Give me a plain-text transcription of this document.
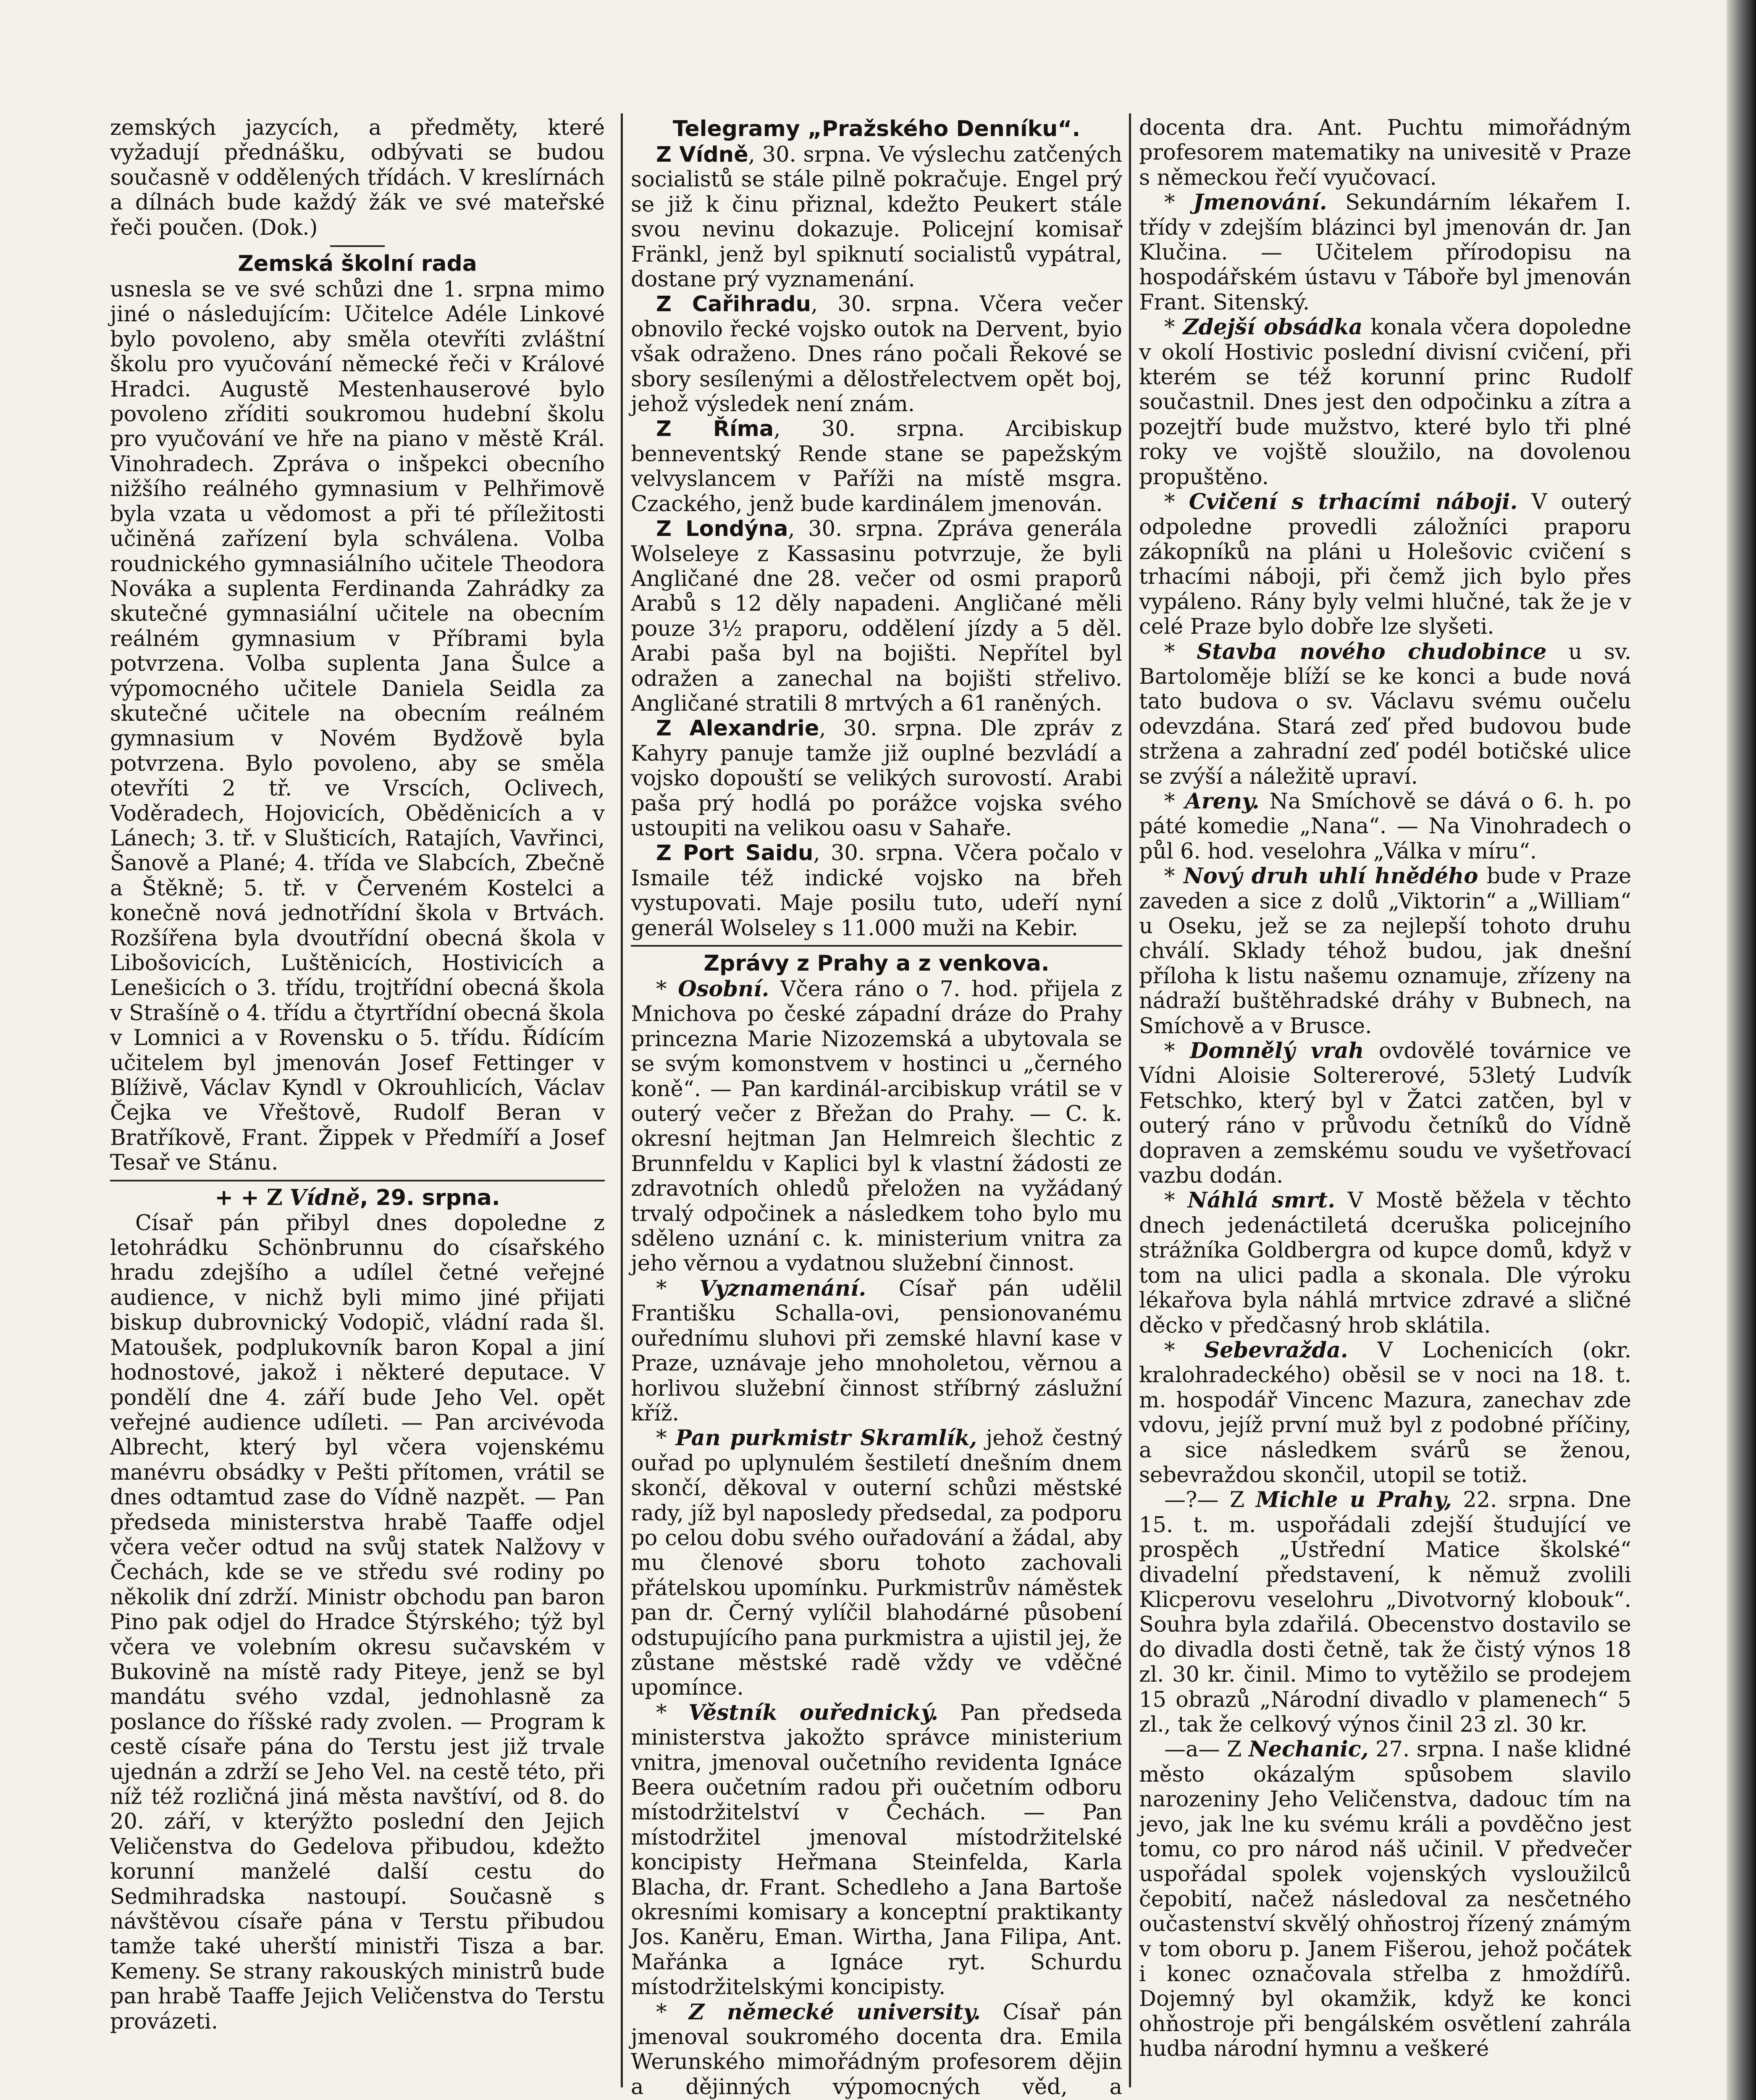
zemských jazycích, a předměty, které vyžadují přednášku, odbývati se budou současně v oddělených třídách. V kreslírnách a dílnách bude každý žák ve své mateřské řeči poučen. (Dok.)

Zemská školní rada

usnesla se ve své schůzi dne 1. srpna mimo jiné o následujícím: Učitelce Adéle Linkové bylo povoleno, aby směla otevříti zvláštní školu pro vyučování německé řeči v Králové Hradci. Augustě Mestenhauserové bylo povoleno zříditi soukromou hudební školu pro vyučování ve hře na piano v městě Král. Vinohradech. Zpráva o inšpekci obecního nižšího reálného gymnasium v Pelhřimově byla vzata u vědomost a při té příležitosti učiněná zařízení byla schválena. Volba roudnického gymnasiálního učitele Theodora Nováka a suplenta Ferdinanda Zahrádky za skutečné gymnasiální učitele na obecním reálném gymnasium v Příbrami byla potvrzena. Volba suplenta Jana Šulce a výpomocného učitele Daniela Seidla za skutečné učitele na obecním reálném gymnasium v Novém Bydžově byla potvrzena. Bylo povoleno, aby se směla otevříti 2 tř. ve Vrscích, Oclivech, Voděradech, Hojovicích, Oběděnicích a v Lánech; 3. tř. v Slušticích, Ratajích, Vavřinci, Šanově a Plané; 4. třída ve Slabcích, Zbečně a Štěkně; 5. tř. v Červeném Kostelci a konečně nová jednotřídní škola v Brtvách. Rozšířena byla dvoutřídní obecná škola v Libošovicích, Luštěnicích, Hostivicích a Lenešicích o 3. třídu, trojtřídní obecná škola v Strašíně o 4. třídu a čtyrtřídní obecná škola v Lomnici a v Rovensku o 5. třídu. Řídícím učitelem byl jmenován Josef Fettinger v Blíživě, Václav Kyndl v Okrouhlicích, Václav Čejka ve Vřeštově, Rudolf Beran v Bratříkově, Frant. Žippek v Předmíří a Josef Tesař ve Stánu.

+ + Z Vídně, 29. srpna.

Císař pán přibyl dnes dopoledne z letohrádku Schönbrunnu do císařského hradu zdejšího a udílel četné veřejné audience, v nichž byli mimo jiné přijati biskup dubrovnický Vodopič, vládní rada šl. Matoušek, podplukovník baron Kopal a jiní hodnostové, jakož i některé deputace. V pondělí dne 4. září bude Jeho Vel. opět veřejné audience udíleti. — Pan arcivévoda Albrecht, který byl včera vojenskému manévru obsádky v Pešti přítomen, vrátil se dnes odtamtud zase do Vídně nazpět. — Pan předseda ministerstva hrabě Taaffe odjel včera večer odtud na svůj statek Nalžovy v Čechách, kde se ve středu své rodiny po několik dní zdrží. Ministr obchodu pan baron Pino pak odjel do Hradce Štýrského; týž byl včera ve volebním okresu sučavském v Bukovině na místě rady Piteye, jenž se byl mandátu svého vzdal, jednohlasně za poslance do říšské rady zvolen. — Program k cestě císaře pána do Terstu jest již trvale ujednán a zdrží se Jeho Vel. na cestě této, při níž též rozličná jiná města navštíví, od 8. do 20. září, v kterýžto poslední den Jejich Veličenstva do Gedelova přibudou, kdežto korunní manželé další cestu do Sedmihradska nastoupí. Současně s návštěvou císaře pána v Terstu přibudou tamže také uherští ministři Tisza a bar. Kemeny. Se strany rakouských ministrů bude pan hrabě Taaffe Jejich Veličenstva do Terstu provázeti.

Telegramy „Pražského Denníku“.

Z Vídně, 30. srpna. Ve výslechu zatčených socialistů se stále pilně pokračuje. Engel prý se již k činu přiznal, kdežto Peukert stále svou nevinu dokazuje. Policejní komisař Fränkl, jenž byl spiknutí socialistů vypátral, dostane prý vyznamenání.

Z Cařihradu, 30. srpna. Včera večer obnovilo řecké vojsko outok na Dervent, byio však odraženo. Dnes ráno počali Řekové se sbory sesílenými a dělostřelectvem opět boj, jehož výsledek není znám.

Z Říma, 30. srpna. Arcibiskup benneventský Rende stane se papežským velvyslancem v Paříži na místě msgra. Czackého, jenž bude kardinálem jmenován.

Z Londýna, 30. srpna. Zpráva generála Wolseleye z Kassasinu potvrzuje, že byli Angličané dne 28. večer od osmi praporů Arabů s 12 děly napadeni. Angličané měli pouze 3½ praporu, oddělení jízdy a 5 děl. Arabi paša byl na bojišti. Nepřítel byl odražen a zanechal na bojišti střelivo. Angličané stratili 8 mrtvých a 61 raněných.

Z Alexandrie, 30. srpna. Dle zpráv z Kahyry panuje tamže již ouplné bezvládí a vojsko dopouští se velikých surovostí. Arabi paša prý hodlá po porážce vojska svého ustoupiti na velikou oasu v Sahaře.

Z Port Saidu, 30. srpna. Včera počalo v Ismaile též indické vojsko na břeh vystupovati. Maje posilu tuto, udeří nyní generál Wolseley s 11.000 muži na Kebir.

Zprávy z Prahy a z venkova.

* Osobní. Včera ráno o 7. hod. přijela z Mnichova po české západní dráze do Prahy princezna Marie Nizozemská a ubytovala se se svým komonstvem v hostinci u „černého koně“. — Pan kardinál-arcibiskup vrátil se v outerý večer z Břežan do Prahy. — C. k. okresní hejtman Jan Helmreich šlechtic z Brunnfeldu v Kaplici byl k vlastní žádosti ze zdravotních ohledů přeložen na vyžádaný trvalý odpočinek a následkem toho bylo mu sděleno uznání c. k. ministerium vnitra za jeho věrnou a vydatnou služební činnost.

* Vyznamenání. Císař pán udělil Františku Schalla-ovi, pensionovanému ouřednímu sluhovi při zemské hlavní kase v Praze, uznávaje jeho mnoholetou, věrnou a horlivou služební činnost stříbrný záslužní kříž.

* Pan purkmistr Skramlík, jehož čestný ouřad po uplynulém šestiletí dnešním dnem skončí, děkoval v outerní schůzi městské rady, jíž byl naposledy předsedal, za podporu po celou dobu svého ouřadování a žádal, aby mu členové sboru tohoto zachovali přátelskou upomínku. Purkmistrův náměstek pan dr. Černý vylíčil blahodárné působení odstupujícího pana purkmistra a ujistil jej, že zůstane městské radě vždy ve vděčné upomínce.

* Věstník ouřednický. Pan předseda ministerstva jakožto správce ministerium vnitra, jmenoval oučetního revidenta Ignáce Beera oučetním radou při oučetním odboru místodržitelství v Čechách. — Pan místodržitel jmenoval místodržitelské koncipisty Heřmana Steinfelda, Karla Blacha, dr. Frant. Schedleho a Jana Bartoše okresními komisary a konceptní praktikanty Jos. Kaněru, Eman. Wirtha, Jana Filipa, Ant. Mařánka a Ignáce ryt. Schurdu místodržitelskými koncipisty.

* Z německé university. Císař pán jmenoval soukromého docenta dra. Emila Werunského mimořádným profesorem dějin a dějinných výpomocných věd, a

docenta dra. Ant. Puchtu mimořádným profesorem matematiky na univesitě v Praze s německou řečí vyučovací.

* Jmenování. Sekundárním lékařem I. třídy v zdejším blázinci byl jmenován dr. Jan Klučina. — Učitelem přírodopisu na hospodářském ústavu v Táboře byl jmenován Frant. Sitenský.

* Zdejší obsádka konala včera dopoledne v okolí Hostivic poslední divisní cvičení, při kterém se též korunní princ Rudolf součastnil. Dnes jest den odpočinku a zítra a pozejtří bude mužstvo, které bylo tři plné roky ve vojště sloužilo, na dovolenou propuštěno.

* Cvičení s trhacími náboji. V outerý odpoledne provedli záložníci praporu zákopníků na pláni u Holešovic cvičení s trhacími náboji, při čemž jich bylo přes vypáleno. Rány byly velmi hlučné, tak že je v celé Praze bylo dobře lze slyšeti.

* Stavba nového chudobince u sv. Bartoloměje blíží se ke konci a bude nová tato budova o sv. Václavu svému oučelu odevzdána. Stará zeď před budovou bude stržena a zahradní zeď podél botičské ulice se zvýší a náležitě upraví.

* Areny. Na Smíchově se dává o 6. h. po páté komedie „Nana“. — Na Vinohradech o půl 6. hod. veselohra „Válka v míru“.

* Nový druh uhlí hnědého bude v Praze zaveden a sice z dolů „Viktorin“ a „William“ u Oseku, jež se za nejlepší tohoto druhu chválí. Sklady téhož budou, jak dnešní příloha k listu našemu oznamuje, zřízeny na nádraží buštěhradské dráhy v Bubnech, na Smíchově a v Brusce.

* Domnělý vrah ovdovělé továrnice ve Vídni Aloisie Soltererové, 53letý Ludvík Fetschko, který byl v Žatci zatčen, byl v outerý ráno v průvodu četníků do Vídně dopraven a zemskému soudu ve vyšetřovací vazbu dodán.

* Náhlá smrt. V Mostě běžela v těchto dnech jedenáctiletá dceruška policejního strážníka Goldbergra od kupce domů, když v tom na ulici padla a skonala. Dle výroku lékařova byla náhlá mrtvice zdravé a sličné děcko v předčasný hrob sklátila.

* Sebevražda. V Lochenicích (okr. kralohradeckého) oběsil se v noci na 18. t. m. hospodář Vincenc Mazura, zanechav zde vdovu, jejíž první muž byl z podobné příčiny, a sice následkem svárů se ženou, sebevraždou skončil, utopil se totiž.

—?— Z Michle u Prahy, 22. srpna. Dne 15. t. m. uspořádali zdejší študující ve prospěch „Ústřední Matice školské“ divadelní představení, k němuž zvolili Klicperovu veselohru „Divotvorný klobouk“. Souhra byla zdařilá. Obecenstvo dostavilo se do divadla dosti četně, tak že čistý výnos 18 zl. 30 kr. činil. Mimo to vytěžilo se prodejem 15 obrazů „Národní divadlo v plamenech“ 5 zl., tak že celkový výnos činil 23 zl. 30 kr.

—a— Z Nechanic, 27. srpna. I naše klidné město okázalým spůsobem slavilo narozeniny Jeho Veličenstva, dadouc tím na jevo, jak lne ku svému králi a povděčno jest tomu, co pro národ náš učinil. V předvečer uspořádal spolek vojenských vysloužilců čepobití, načež následoval za nesčetného oučastenství skvělý ohňostroj řízený známým v tom oboru p. Janem Fišerou, jehož počátek i konec označovala střelba z hmoždířů. Dojemný byl okamžik, když ke konci ohňostroje při bengálském osvětlení zahrála hudba národní hymnu a veškeré
